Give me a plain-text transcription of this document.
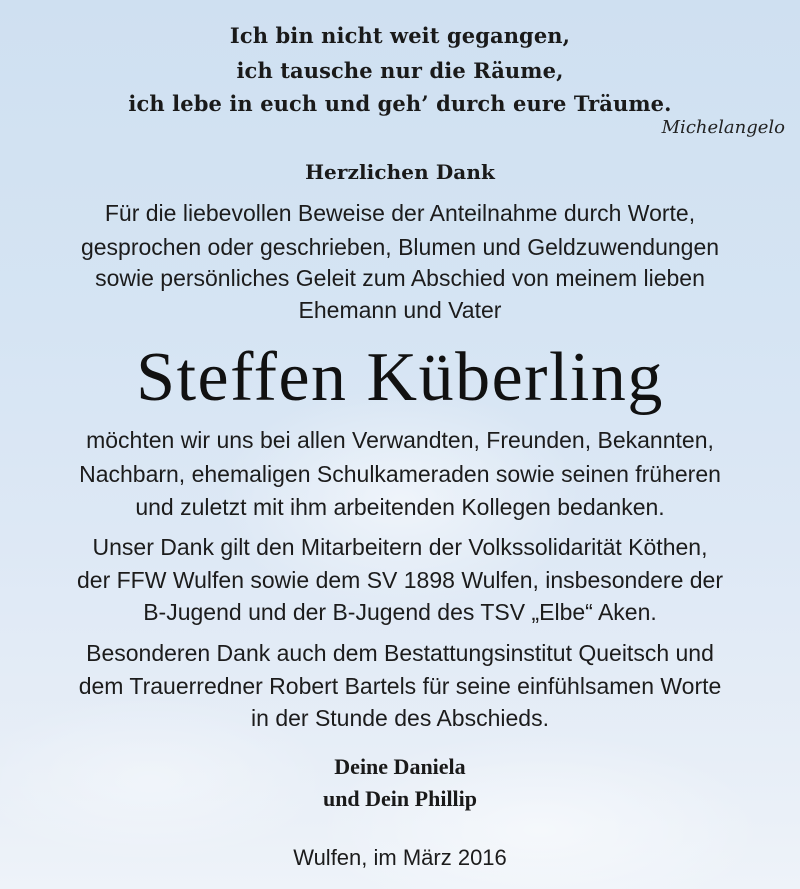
Ich bin nicht weit gegangen,
ich tausche nur die Räume,
ich lebe in euch und geh’ durch eure Träume.
Michelangelo
Herzlichen Dank
Für die liebevollen Beweise der Anteilnahme durch Worte,
gesprochen oder geschrieben, Blumen und Geldzuwendungen
sowie persönliches Geleit zum Abschied von meinem lieben
Ehemann und Vater
Steffen Küberling
möchten wir uns bei allen Verwandten, Freunden, Bekannten,
Nachbarn, ehemaligen Schulkameraden sowie seinen früheren
und zuletzt mit ihm arbeitenden Kollegen bedanken.
Unser Dank gilt den Mitarbeitern der Volkssolidarität Köthen,
der FFW Wulfen sowie dem SV 1898 Wulfen, insbesondere der
B-Jugend und der B-Jugend des TSV „Elbe“ Aken.
Besonderen Dank auch dem Bestattungsinstitut Queitsch und
dem Trauerredner Robert Bartels für seine einfühlsamen Worte
in der Stunde des Abschieds.
Deine Daniela
und Dein Phillip
Wulfen, im März 2016
